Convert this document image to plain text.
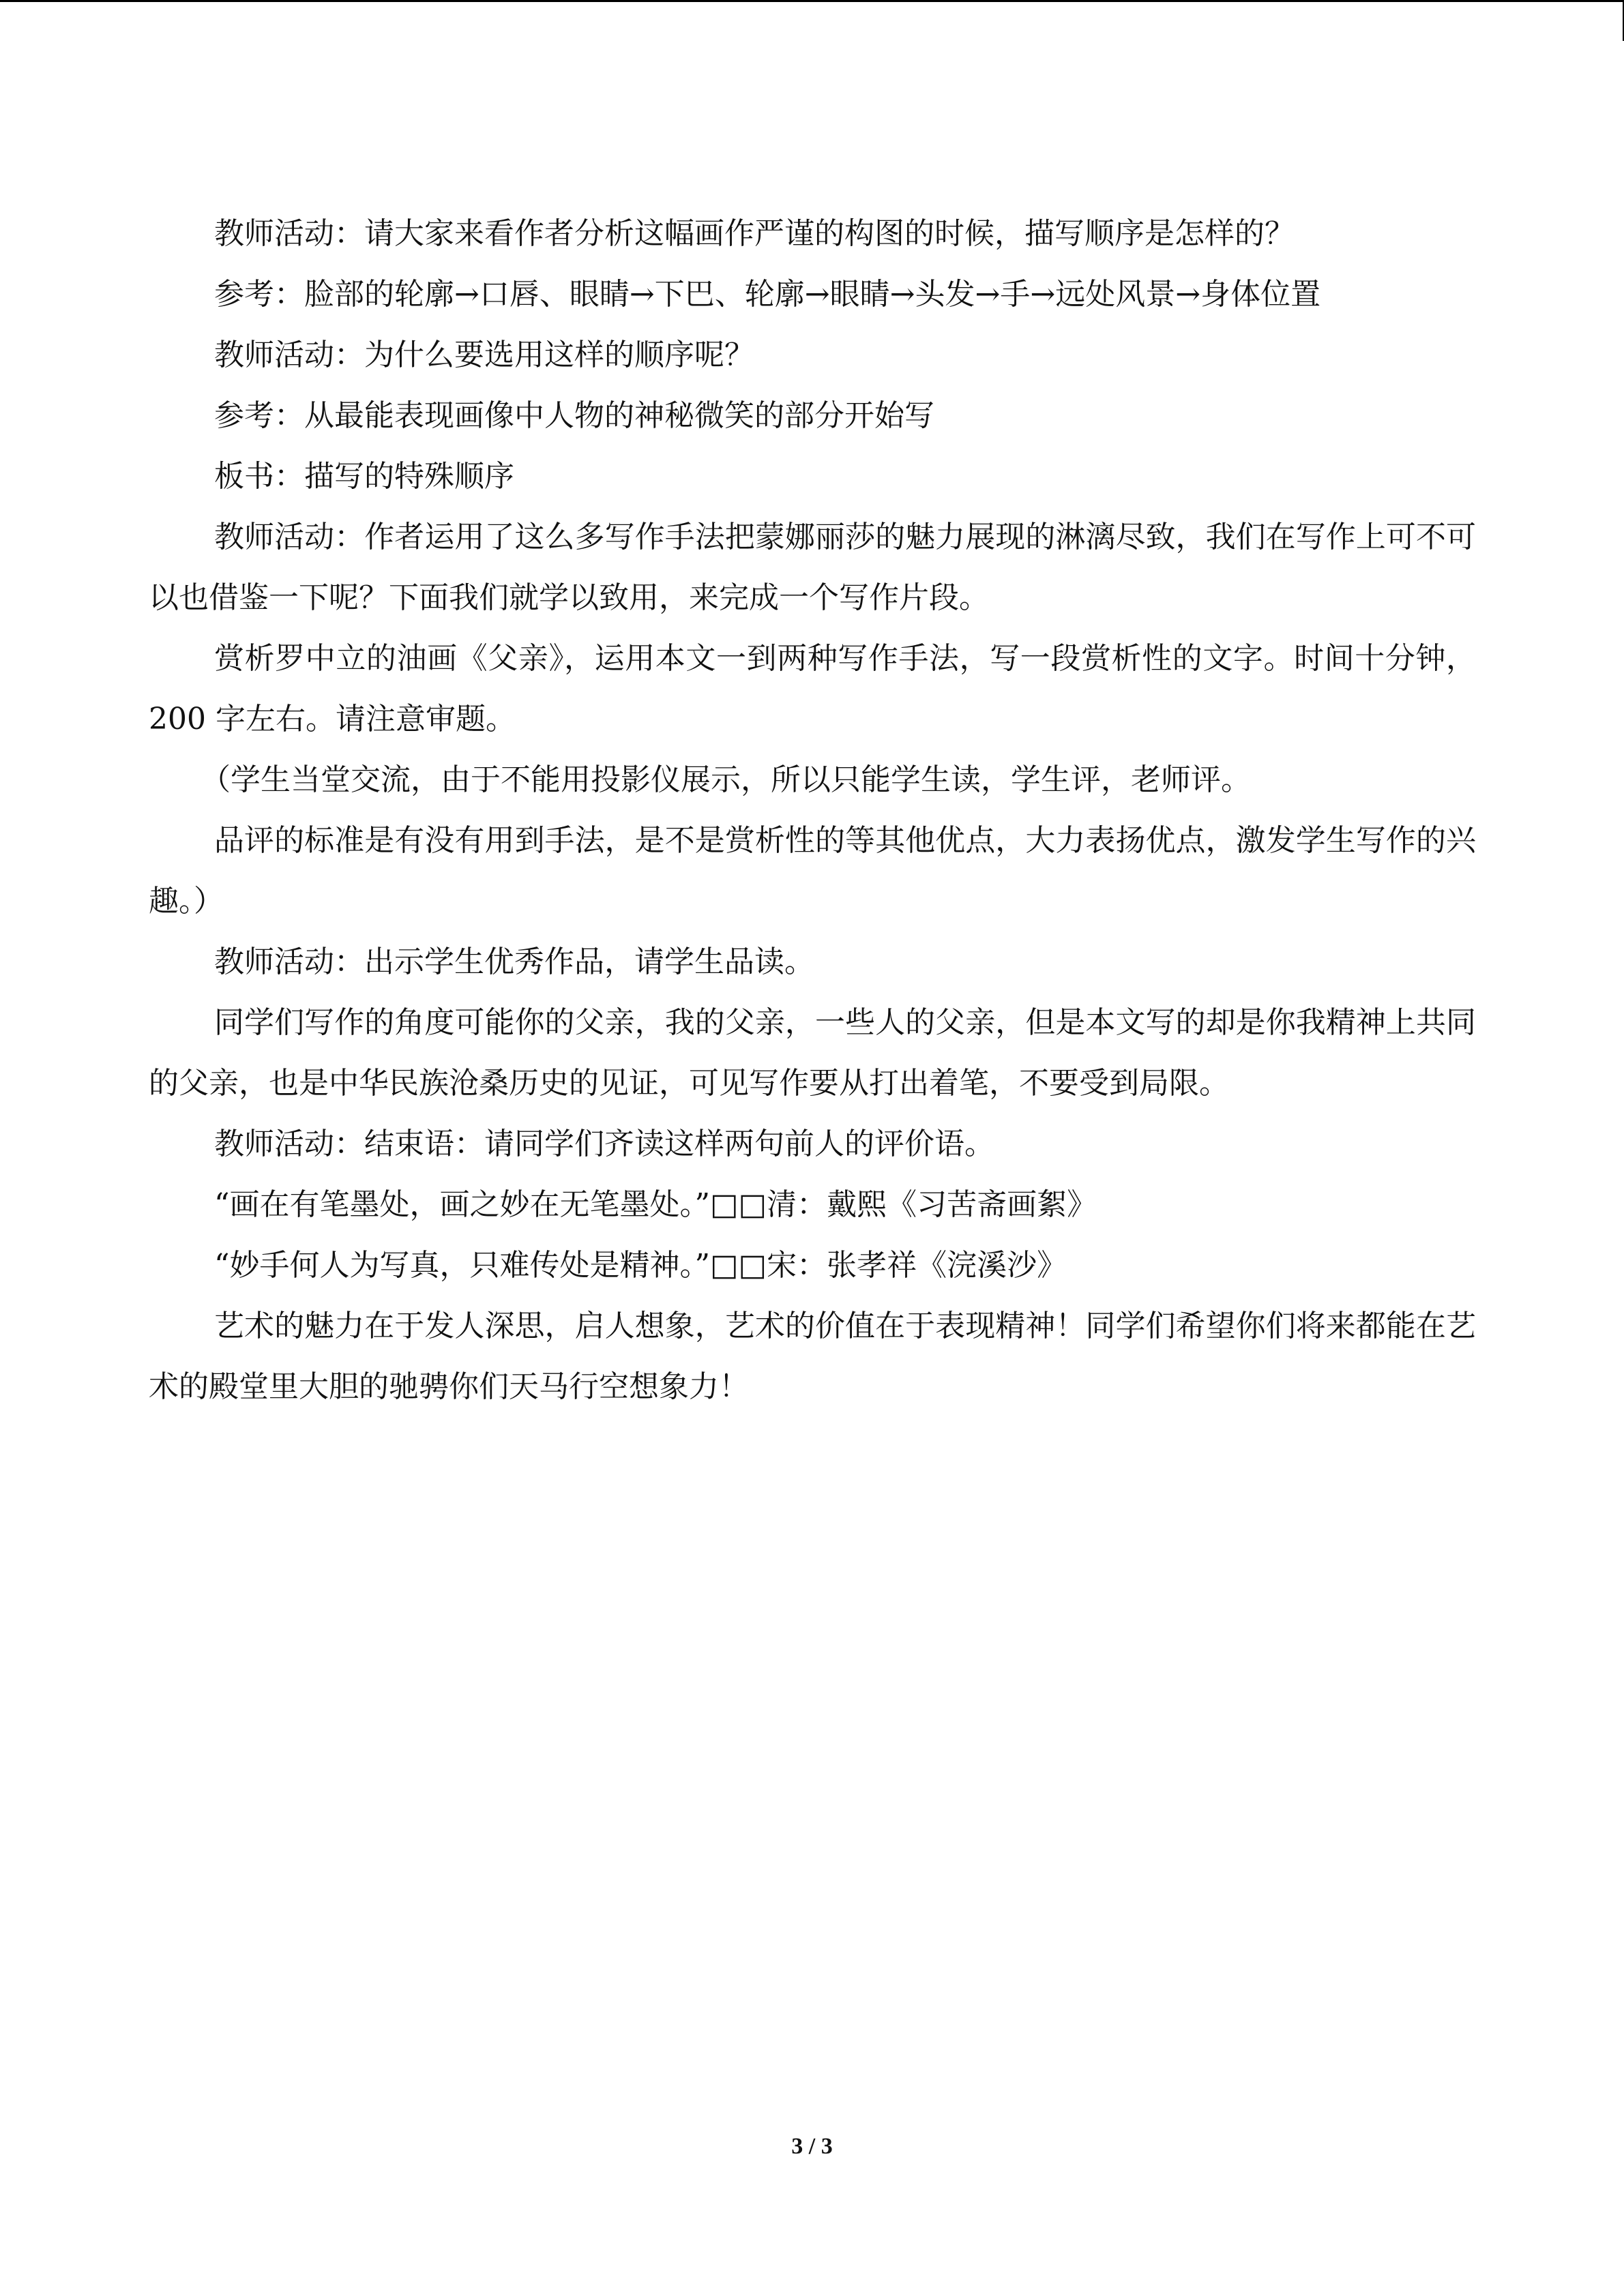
教师活动：请大家来看作者分析这幅画作严谨的构图的时候，描写顺序是怎样的？

参考：脸部的轮廓→口唇、眼睛→下巴、轮廓→眼睛→头发→手→远处风景→身体位置

教师活动：为什么要选用这样的顺序呢？

参考：从最能表现画像中人物的神秘微笑的部分开始写

板书：描写的特殊顺序

教师活动：作者运用了这么多写作手法把蒙娜丽莎的魅力展现的淋漓尽致，我们在写作上可不可以也借鉴一下呢？下面我们就学以致用，来完成一个写作片段。

赏析罗中立的油画《父亲》，运用本文一到两种写作手法，写一段赏析性的文字。时间十分钟，200 字左右。请注意审题。

（学生当堂交流，由于不能用投影仪展示，所以只能学生读，学生评，老师评。

品评的标准是有没有用到手法，是不是赏析性的等其他优点，大力表扬优点，激发学生写作的兴趣。）

教师活动：出示学生优秀作品，请学生品读。

同学们写作的角度可能你的父亲，我的父亲，一些人的父亲，但是本文写的却是你我精神上共同的父亲，也是中华民族沧桑历史的见证，可见写作要从打出着笔，不要受到局限。

教师活动：结束语：请同学们齐读这样两句前人的评价语。

“画在有笔墨处，画之妙在无笔墨处。”□□清：戴熙《习苦斋画絮》

“妙手何人为写真，只难传处是精神。”□□宋：张孝祥《浣溪沙》

艺术的魅力在于发人深思，启人想象，艺术的价值在于表现精神！同学们希望你们将来都能在艺术的殿堂里大胆的驰骋你们天马行空想象力！

3 / 3
